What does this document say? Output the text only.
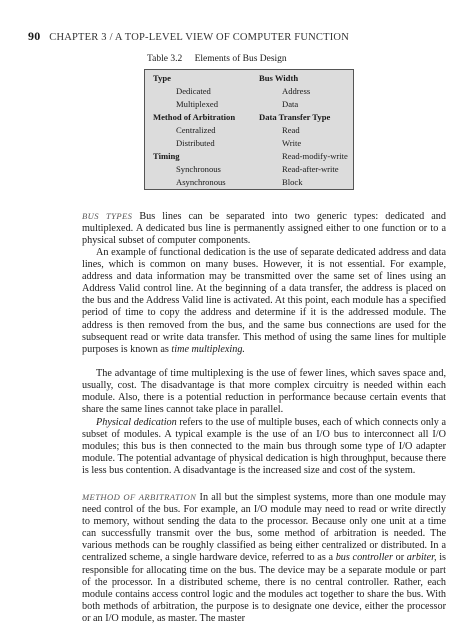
90 CHAPTER 3 / A TOP-LEVEL VIEW OF COMPUTER FUNCTION
Table 3.2 Elements of Bus Design
Type
Dedicated
Multiplexed
Method of Arbitration
Centralized
Distributed
Timing
Synchronous
Asynchronous
Bus Width
Address
Data
Data Transfer Type
Read
Write
Read-modify-write
Read-after-write
Block

BUS TYPES Bus lines can be separated into two generic types: dedicated and multiplexed. A dedicated bus line is permanently assigned either to one function or to a physical subset of computer components.

An example of functional dedication is the use of separate dedicated address and data lines, which is common on many buses. However, it is not essential. For example, address and data information may be transmitted over the same set of lines using an Address Valid control line. At the beginning of a data transfer, the address is placed on the bus and the Address Valid line is activated. At this point, each module has a specified period of time to copy the address and determine if it is the addressed module. The address is then removed from the bus, and the same bus connections are used for the subsequent read or write data transfer. This method of using the same lines for multiple purposes is known as time multiplexing.

The advantage of time multiplexing is the use of fewer lines, which saves space and, usually, cost. The disadvantage is that more complex circuitry is needed within each module. Also, there is a potential reduction in performance because certain events that share the same lines cannot take place in parallel.

Physical dedication refers to the use of multiple buses, each of which connects only a subset of modules. A typical example is the use of an I/O bus to interconnect all I/O modules; this bus is then connected to the main bus through some type of I/O adapter module. The potential advantage of physical dedication is high throughput, because there is less bus contention. A disadvantage is the increased size and cost of the system.

METHOD OF ARBITRATION In all but the simplest systems, more than one module may need control of the bus. For example, an I/O module may need to read or write directly to memory, without sending the data to the processor. Because only one unit at a time can successfully transmit over the bus, some method of arbitration is needed. The various methods can be roughly classified as being either centralized or distributed. In a centralized scheme, a single hardware device, referred to as a bus controller or arbiter, is responsible for allocating time on the bus. The device may be a separate module or part of the processor. In a distributed scheme, there is no central controller. Rather, each module contains access control logic and the modules act together to share the bus. With both methods of arbitration, the purpose is to designate one device, either the processor or an I/O module, as master. The master
